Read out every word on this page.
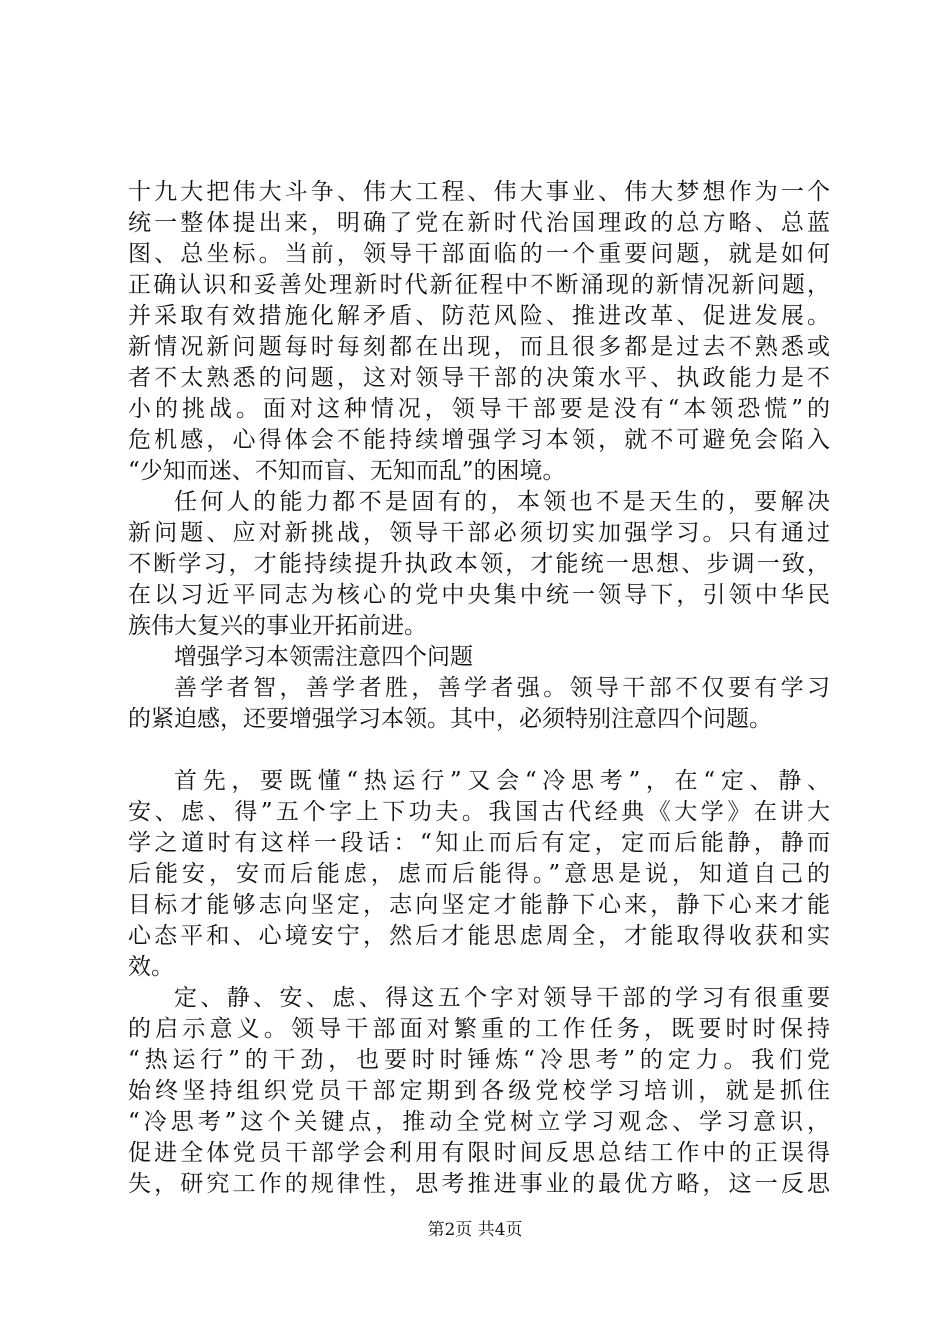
十九大把伟大斗争、伟大工程、伟大事业、伟大梦想作为一个
统一整体提出来，明确了党在新时代治国理政的总方略、总蓝
图、总坐标。当前，领导干部面临的一个重要问题，就是如何
正确认识和妥善处理新时代新征程中不断涌现的新情况新问题，
并采取有效措施化解矛盾、防范风险、推进改革、促进发展。
新情况新问题每时每刻都在出现，而且很多都是过去不熟悉或
者不太熟悉的问题，这对领导干部的决策水平、执政能力是不
小的挑战。面对这种情况，领导干部要是没有“本领恐慌”的
危机感，心得体会不能持续增强学习本领，就不可避免会陷入
“少知而迷、不知而盲、无知而乱”的困境。
任何人的能力都不是固有的，本领也不是天生的，要解决
新问题、应对新挑战，领导干部必须切实加强学习。只有通过
不断学习，才能持续提升执政本领，才能统一思想、步调一致，
在以习近平同志为核心的党中央集中统一领导下，引领中华民
族伟大复兴的事业开拓前进。
增强学习本领需注意四个问题
善学者智，善学者胜，善学者强。领导干部不仅要有学习
的紧迫感，还要增强学习本领。其中，必须特别注意四个问题。
首先，要既懂“热运行”又会“冷思考”，在“定、静、
安、虑、得”五个字上下功夫。我国古代经典《大学》在讲大
学之道时有这样一段话：“知止而后有定，定而后能静，静而
后能安，安而后能虑，虑而后能得。”意思是说，知道自己的
目标才能够志向坚定，志向坚定才能静下心来，静下心来才能
心态平和、心境安宁，然后才能思虑周全，才能取得收获和实
效。
定、静、安、虑、得这五个字对领导干部的学习有很重要
的启示意义。领导干部面对繁重的工作任务，既要时时保持
“热运行”的干劲，也要时时锤炼“冷思考”的定力。我们党
始终坚持组织党员干部定期到各级党校学习培训，就是抓住
“冷思考”这个关键点，推动全党树立学习观念、学习意识，
促进全体党员干部学会利用有限时间反思总结工作中的正误得
失，研究工作的规律性，思考推进事业的最优方略，这一反思
第2页 共4页
